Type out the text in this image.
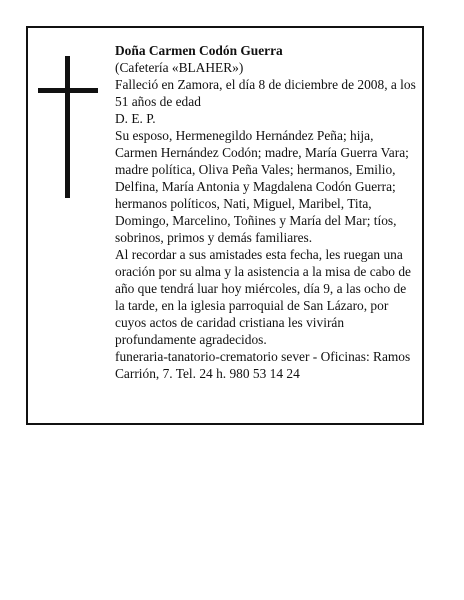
Doña Carmen Codón Guerra

(Cafetería «BLAHER»)

Falleció en Zamora, el día 8 de diciembre de 2008, a los 51 años de edad

D. E. P.

Su esposo, Hermenegildo Hernández Peña; hija, Carmen Hernández Codón; madre, María Guerra Vara; madre política, Oliva Peña Vales; hermanos, Emilio, Delfina, María Antonia y Magdalena Codón Guerra; hermanos políticos, Nati, Miguel, Maribel, Tita, Domingo, Marcelino, Toñines y María del Mar; tíos, sobrinos, primos y demás familiares.

Al recordar a sus amistades esta fecha, les ruegan una oración por su alma y la asistencia a la misa de cabo de año que tendrá luar hoy miércoles, día 9, a las ocho de la tarde, en la iglesia parroquial de San Lázaro, por cuyos actos de caridad cristiana les vivirán profundamente agradecidos.

funeraria-tanatorio-crematorio sever - Oficinas: Ramos Carrión, 7. Tel. 24 h. 980 53 14 24
